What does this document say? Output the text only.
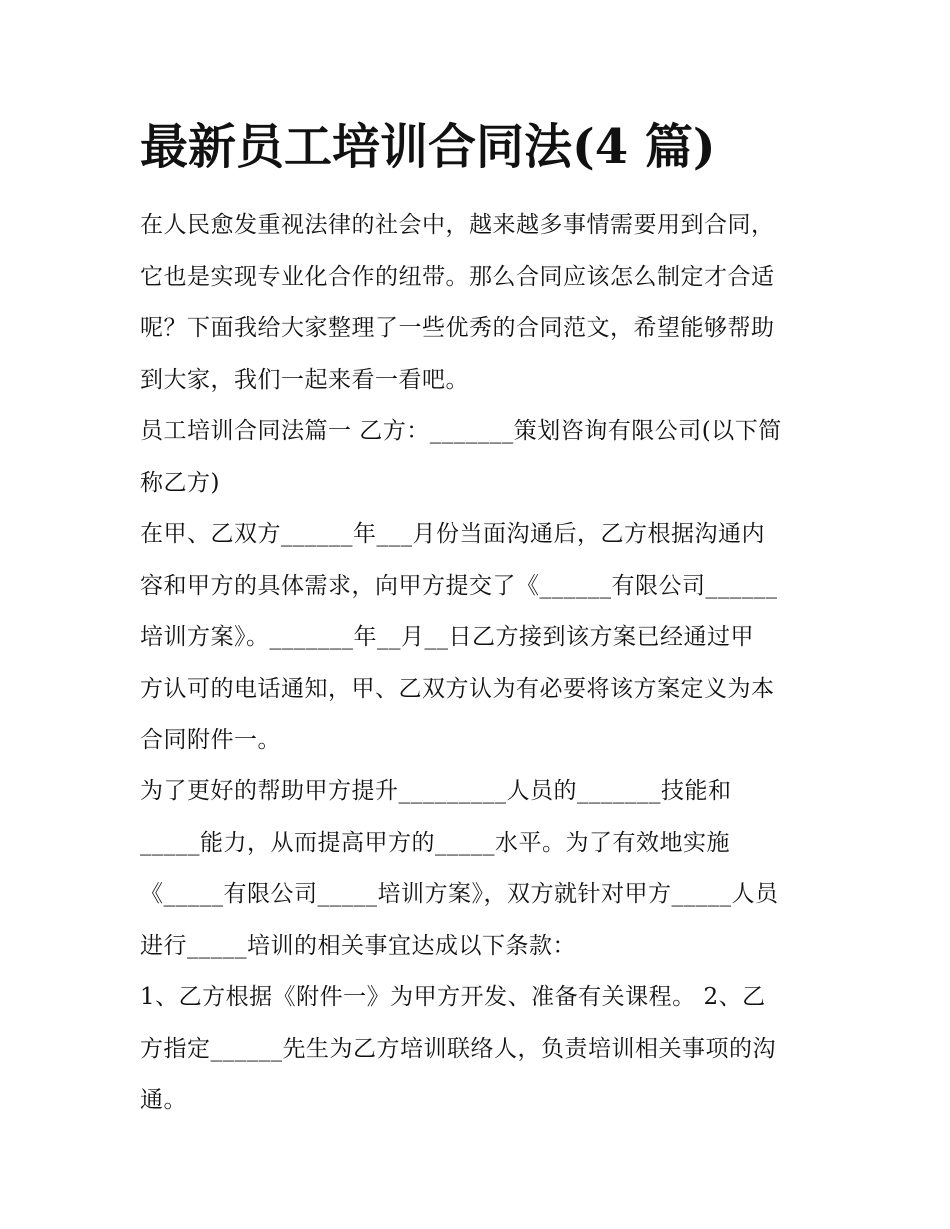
最新员工培训合同法(4 篇)
在人民愈发重视法律的社会中，越来越多事情需要用到合同，
它也是实现专业化合作的纽带。那么合同应该怎么制定才合适
呢？下面我给大家整理了一些优秀的合同范文，希望能够帮助
到大家，我们一起来看一看吧。
员工培训合同法篇一 乙方：_______策划咨询有限公司(以下简
称乙方)
在甲、乙双方______年___月份当面沟通后，乙方根据沟通内
容和甲方的具体需求，向甲方提交了《______有限公司______
培训方案》。_______年__月__日乙方接到该方案已经通过甲
方认可的电话通知，甲、乙双方认为有必要将该方案定义为本
合同附件一。
为了更好的帮助甲方提升_________人员的_______技能和
_____能力，从而提高甲方的_____水平。为了有效地实施
《_____有限公司_____培训方案》，双方就针对甲方_____人员
进行_____培训的相关事宜达成以下条款：
1、乙方根据《附件一》为甲方开发、准备有关课程。 2、乙
方指定______先生为乙方培训联络人，负责培训相关事项的沟
通。
